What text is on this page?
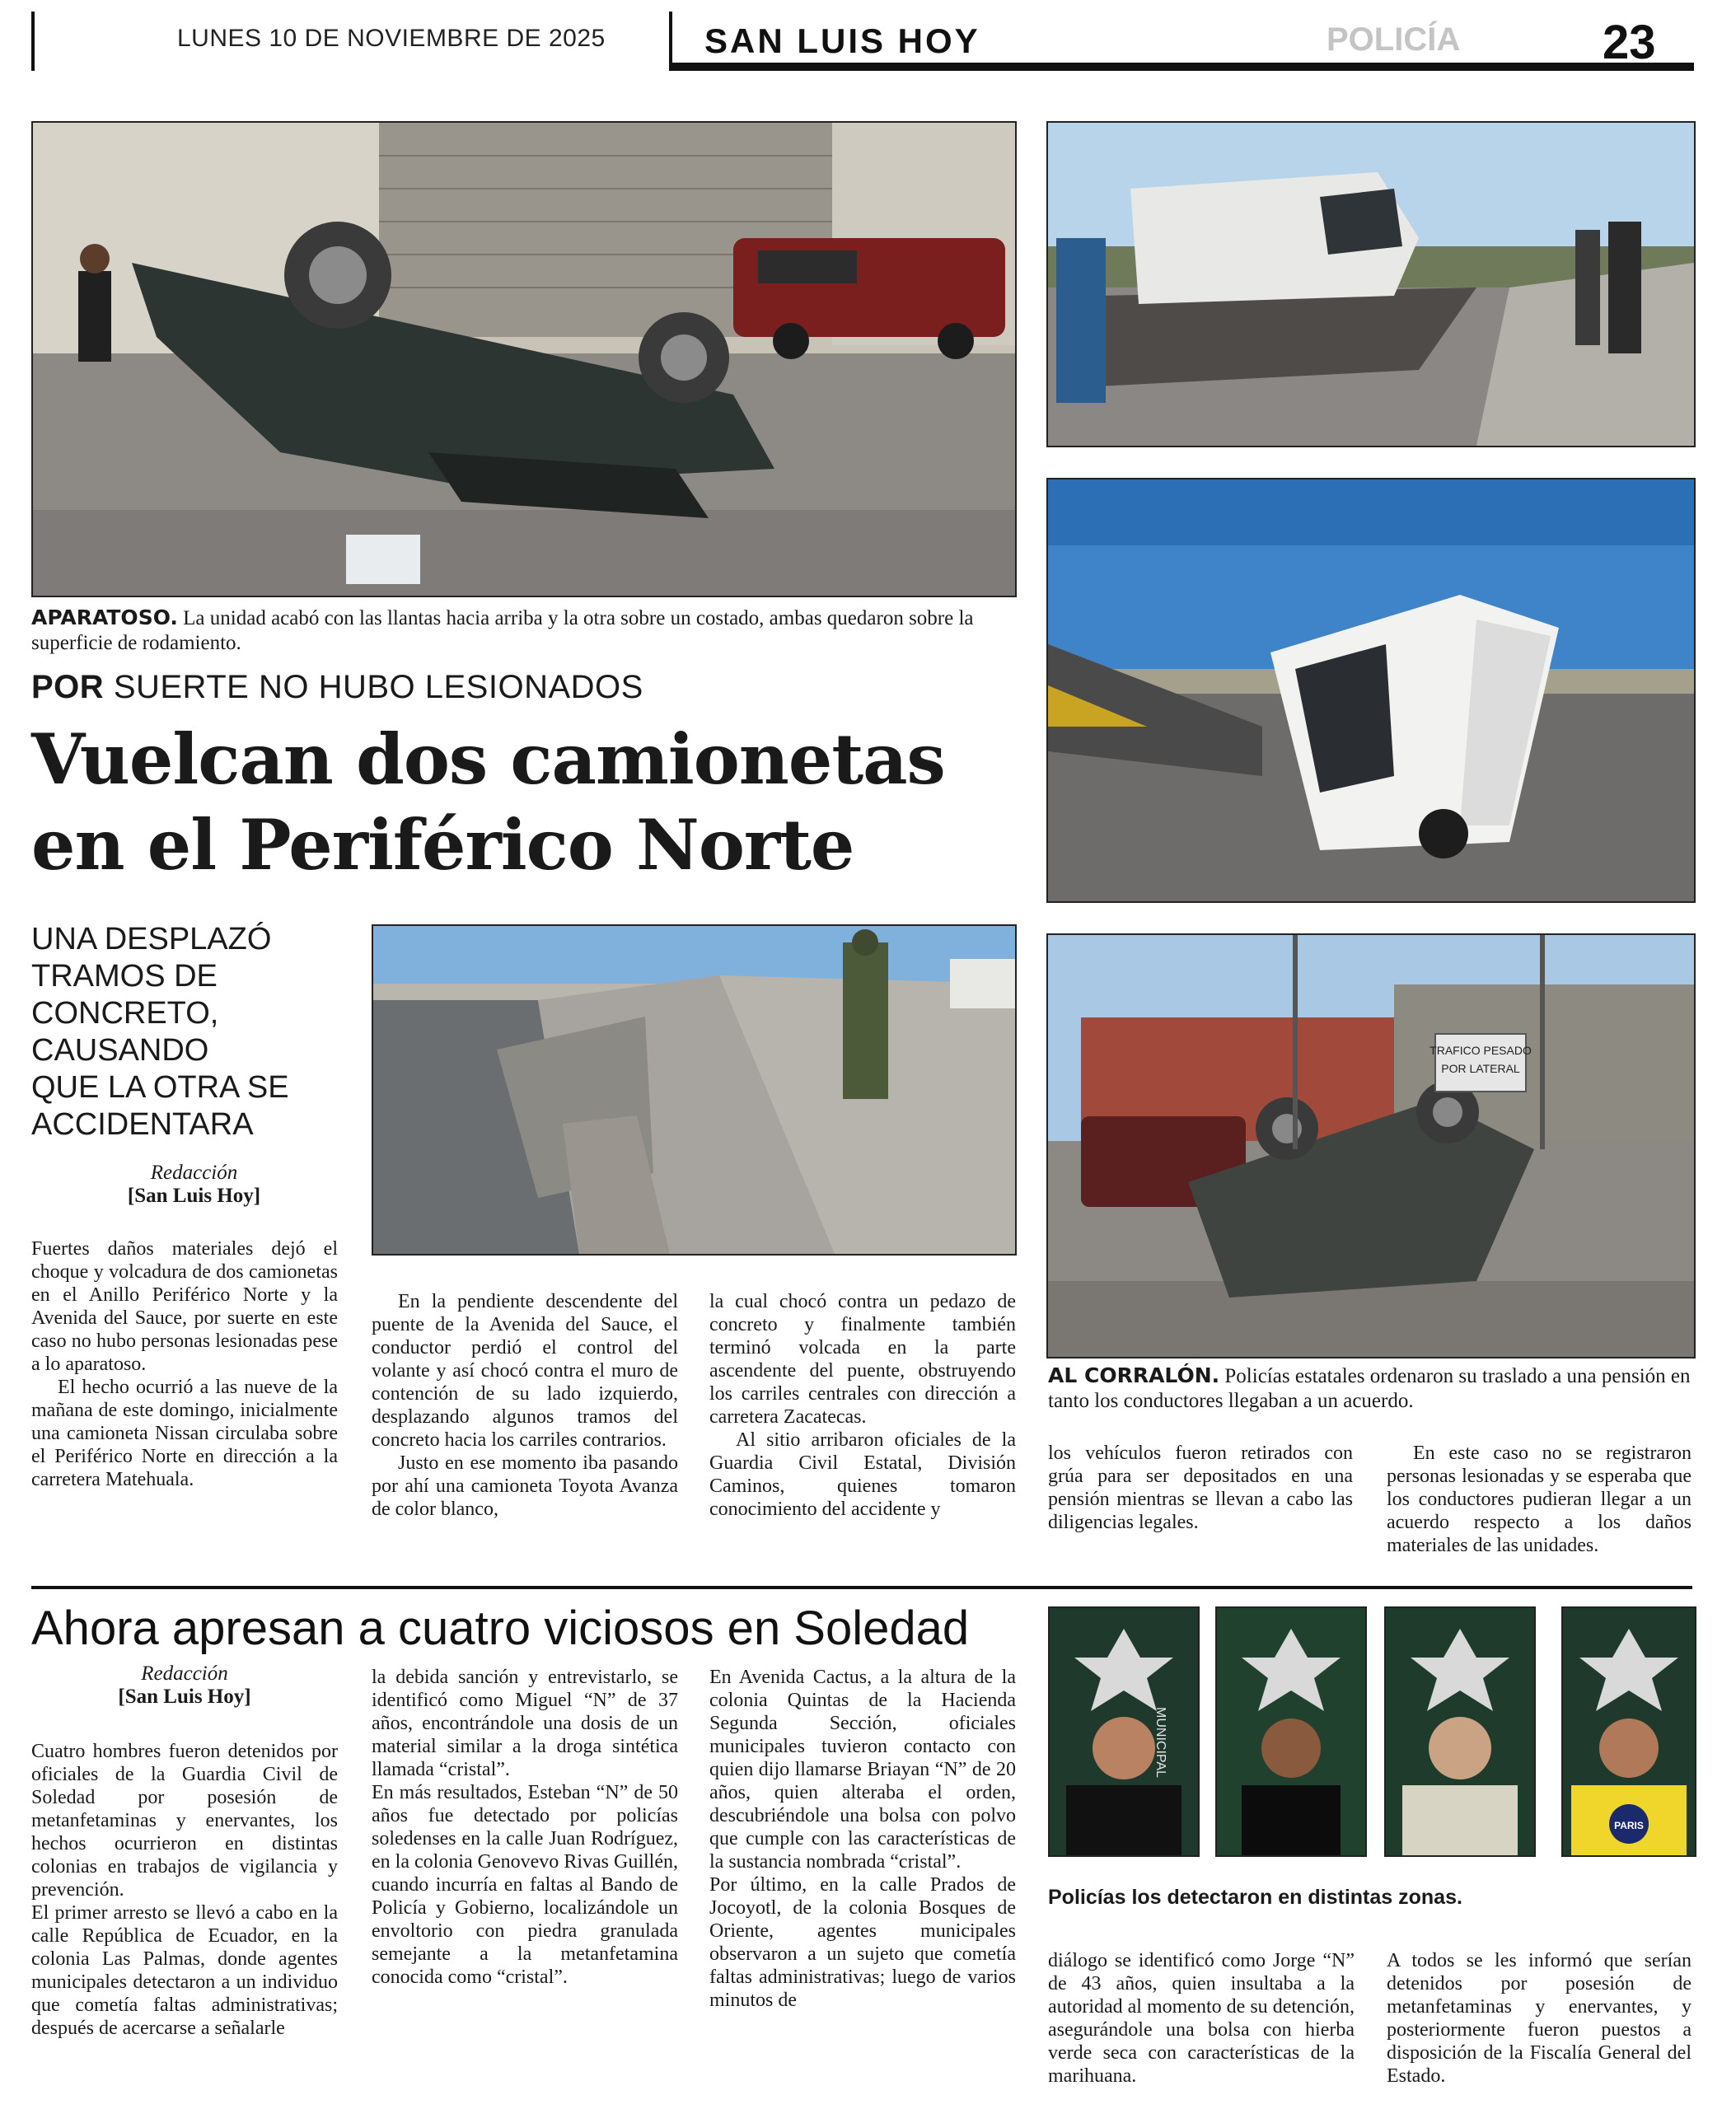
LUNES 10 DE NOVIEMBRE DE 2025	SAN LUIS HOY	POLICÍA	23
TRAFICO PESADO
POR LATERAL
APARATOSO. La unidad acabó con las llantas hacia arriba y la otra sobre un costado, ambas quedaron sobre la superficie de rodamiento.
POR SUERTE NO HUBO LESIONADOS
Vuelcan dos camionetas
en el Periférico Norte
UNA DESPLAZÓ
TRAMOS DE
CONCRETO,
CAUSANDO
QUE LA OTRA SE
ACCIDENTARA
Redacción
[San Luis Hoy]

Fuertes daños materiales dejó el choque y volcadura de dos camionetas en el Anillo Periférico Norte y la Avenida del Sauce, por suerte en este caso no hubo personas lesionadas pese a lo aparatoso.

El hecho ocurrió a las nueve de la mañana de este domingo, inicialmente una camioneta Nissan circulaba sobre el Periférico Norte en dirección a la carretera Matehuala.

En la pendiente descendente del puente de la Avenida del Sauce, el conductor perdió el control del volante y así chocó contra el muro de contención de su lado izquierdo, desplazando algunos tramos del concreto hacia los carriles contrarios.

Justo en ese momento iba pasando por ahí una camioneta Toyota Avanza de color blanco,

la cual chocó contra un pedazo de concreto y finalmente también terminó volcada en la parte ascendente del puente, obstruyendo los carriles centrales con dirección a carretera Zacatecas.

Al sitio arribaron oficiales de la Guardia Civil Estatal, División Caminos, quienes tomaron conocimiento del accidente y

AL CORRALÓN. Policías estatales ordenaron su traslado a una pensión en tanto los conductores llegaban a un acuerdo.

los vehículos fueron retirados con grúa para ser depositados en una pensión mientras se llevan a cabo las diligencias legales.

En este caso no se registraron personas lesionadas y se esperaba que los conductores pudieran llegar a un acuerdo respecto a los daños materiales de las unidades.

Ahora apresan a cuatro viciosos en Soledad
Redacción
[San Luis Hoy]

Cuatro hombres fueron detenidos por oficiales de la Guardia Civil de Soledad por posesión de metanfetaminas y enervantes, los hechos ocurrieron en distintas colonias en trabajos de vigilancia y prevención.

El primer arresto se llevó a cabo en la calle República de Ecuador, en la colonia Las Palmas, donde agentes municipales detectaron a un individuo que cometía faltas administrativas; después de acercarse a señalarle

la debida sanción y entrevistarlo, se identificó como Miguel “N” de 37 años, encontrándole una dosis de un material similar a la droga sintética llamada “cristal”.

En más resultados, Esteban “N” de 50 años fue detectado por policías soledenses en la calle Juan Rodríguez, en la colonia Genovevo Rivas Guillén, cuando incurría en faltas al Bando de Policía y Gobierno, localizándole un envoltorio con piedra granulada semejante a la metanfetamina conocida como “cristal”.

En Avenida Cactus, a la altura de la colonia Quintas de la Hacienda Segunda Sección, oficiales municipales tuvieron contacto con quien dijo llamarse Briayan “N” de 20 años, quien alteraba el orden, descubriéndole una bolsa con polvo que cumple con las características de la sustancia nombrada “cristal”.

Por último, en la calle Prados de Jocoyotl, de la colonia Bosques de Oriente, agentes municipales observaron a un sujeto que cometía faltas administrativas; luego de varios minutos de

MUNICIPAL
PARIS
Policías los detectaron en distintas zonas.

diálogo se identificó como Jorge “N” de 43 años, quien insultaba a la autoridad al momento de su detención, asegurándole una bolsa con hierba verde seca con características de la marihuana.

A todos se les informó que serían detenidos por posesión de metanfetaminas y enervantes, y posteriormente fueron puestos a disposición de la Fiscalía General del Estado.
